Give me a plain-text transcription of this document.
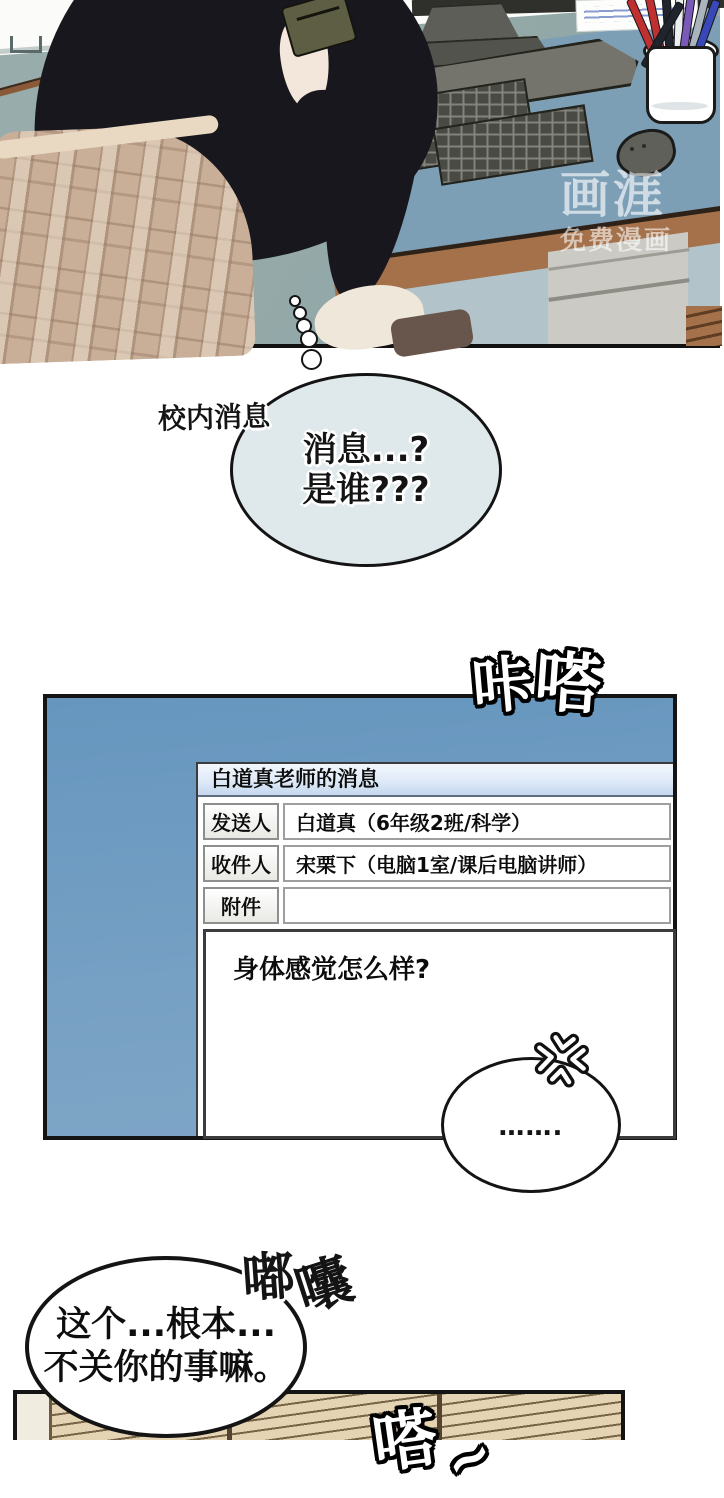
画涯
免费漫画
校内消息
消息...?
是谁???
咔嗒
白道真老师的消息
发送人	白道真（6年级2班/科学）
收件人	宋栗下（电脑1室/课后电脑讲师）
附件
身体感觉怎么样?
…….
嘟囔
这个...根本...
不关你的事嘛。
嗒~
